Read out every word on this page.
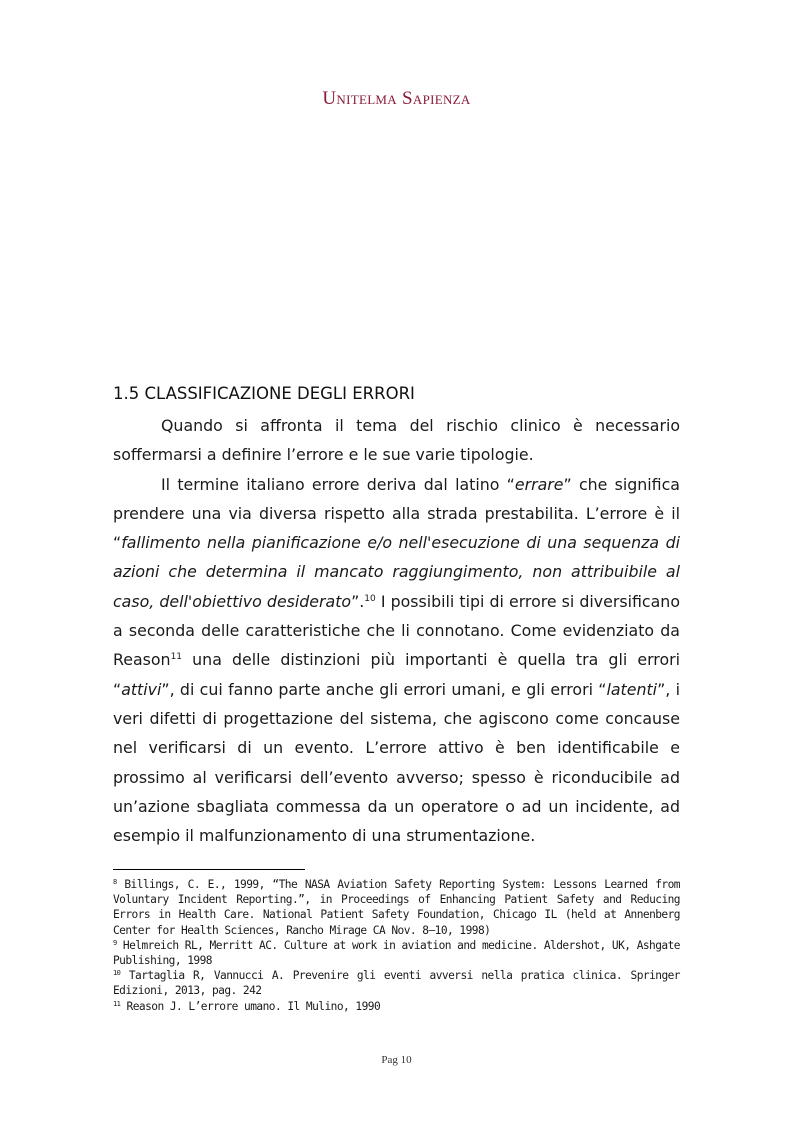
Unitelma Sapienza
1.5 CLASSIFICAZIONE DEGLI ERRORI

Quando si affronta il tema del rischio clinico è necessario soffermarsi a definire l’errore e le sue varie tipologie.

Il termine italiano errore deriva dal latino “errare” che significa prendere una via diversa rispetto alla strada prestabilita. L’errore è il “fallimento nella pianificazione e/o nell'esecuzione di una sequenza di azioni che determina il mancato raggiungimento, non attribuibile al caso, dell'obiettivo desiderato”.$^{10}$ I possibili tipi di errore si diversificano a seconda delle caratteristiche che li connotano. Come evidenziato da Reason$^{11}$ una delle distinzioni più importanti è quella tra gli errori “attivi”, di cui fanno parte anche gli errori umani, e gli errori “latenti”, i veri difetti di progettazione del sistema, che agiscono come concause nel verificarsi di un evento. L’errore attivo è ben identificabile e prossimo al verificarsi dell’evento avverso; spesso è riconducibile ad un’azione sbagliata commessa da un operatore o ad un incidente, ad esempio il malfunzionamento di una strumentazione.

$^8$ Billings, C. E., 1999, “The NASA Aviation Safety Reporting System: Lessons Learned from Voluntary Incident Reporting.”, in Proceedings of Enhancing Patient Safety and Reducing Errors in Health Care. National Patient Safety Foundation, Chicago IL (held at Annenberg Center for Health Sciences, Rancho Mirage CA Nov. 8–10, 1998)
$^9$ Helmreich RL, Merritt AC. Culture at work in aviation and medicine. Aldershot, UK, Ashgate Publishing, 1998
$^{10}$ Tartaglia R, Vannucci A. Prevenire gli eventi avversi nella pratica clinica. Springer Edizioni, 2013, pag. 242
$^{11}$ Reason J. L’errore umano. Il Mulino, 1990
Pag 10
